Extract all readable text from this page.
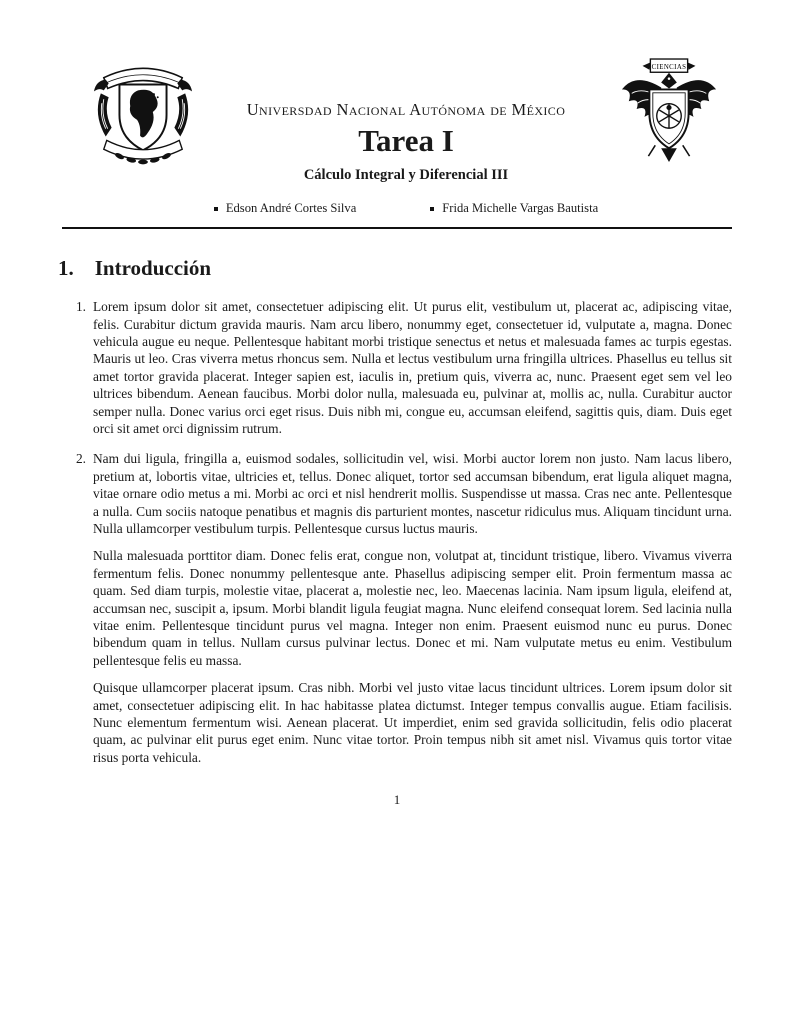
Universdad Nacional Autónoma de México
Tarea I
Cálculo Integral y Diferencial III
Edson André Cortes Silva	Frida Michelle Vargas Bautista
CIENCIAS
1. Introducción
1. Lorem ipsum dolor sit amet, consectetuer adipiscing elit. Ut purus elit, vestibulum ut, placerat ac, adipiscing vitae, felis. Curabitur dictum gravida mauris. Nam arcu libero, nonummy eget, consectetuer id, vulputate a, magna. Donec vehicula augue eu neque. Pellentesque habitant morbi tristique senectus et netus et malesuada fames ac turpis egestas. Mauris ut leo. Cras viverra metus rhoncus sem. Nulla et lectus vestibulum urna fringilla ultrices. Phasellus eu tellus sit amet tortor gravida placerat. Integer sapien est, iaculis in, pretium quis, viverra ac, nunc. Praesent eget sem vel leo ultrices bibendum. Aenean faucibus. Morbi dolor nulla, malesuada eu, pulvinar at, mollis ac, nulla. Curabitur auctor semper nulla. Donec varius orci eget risus. Duis nibh mi, congue eu, accumsan eleifend, sagittis quis, diam. Duis eget orci sit amet orci dignissim rutrum.

2. Nam dui ligula, fringilla a, euismod sodales, sollicitudin vel, wisi. Morbi auctor lorem non justo. Nam lacus libero, pretium at, lobortis vitae, ultricies et, tellus. Donec aliquet, tortor sed accumsan bibendum, erat ligula aliquet magna, vitae ornare odio metus a mi. Morbi ac orci et nisl hendrerit mollis. Suspendisse ut massa. Cras nec ante. Pellentesque a nulla. Cum sociis natoque penatibus et magnis dis parturient montes, nascetur ridiculus mus. Aliquam tincidunt urna. Nulla ullamcorper vestibulum turpis. Pellentesque cursus luctus mauris.

Nulla malesuada porttitor diam. Donec felis erat, congue non, volutpat at, tincidunt tristique, libero. Vivamus viverra fermentum felis. Donec nonummy pellentesque ante. Phasellus adipiscing semper elit. Proin fermentum massa ac quam. Sed diam turpis, molestie vitae, placerat a, molestie nec, leo. Maecenas lacinia. Nam ipsum ligula, eleifend at, accumsan nec, suscipit a, ipsum. Morbi blandit ligula feugiat magna. Nunc eleifend consequat lorem. Sed lacinia nulla vitae enim. Pellentesque tincidunt purus vel magna. Integer non enim. Praesent euismod nunc eu purus. Donec bibendum quam in tellus. Nullam cursus pulvinar lectus. Donec et mi. Nam vulputate metus eu enim. Vestibulum pellentesque felis eu massa.

Quisque ullamcorper placerat ipsum. Cras nibh. Morbi vel justo vitae lacus tincidunt ultrices. Lorem ipsum dolor sit amet, consectetuer adipiscing elit. In hac habitasse platea dictumst. Integer tempus convallis augue. Etiam facilisis. Nunc elementum fermentum wisi. Aenean placerat. Ut imperdiet, enim sed gravida sollicitudin, felis odio placerat quam, ac pulvinar elit purus eget enim. Nunc vitae tortor. Proin tempus nibh sit amet nisl. Vivamus quis tortor vitae risus porta vehicula.

1
